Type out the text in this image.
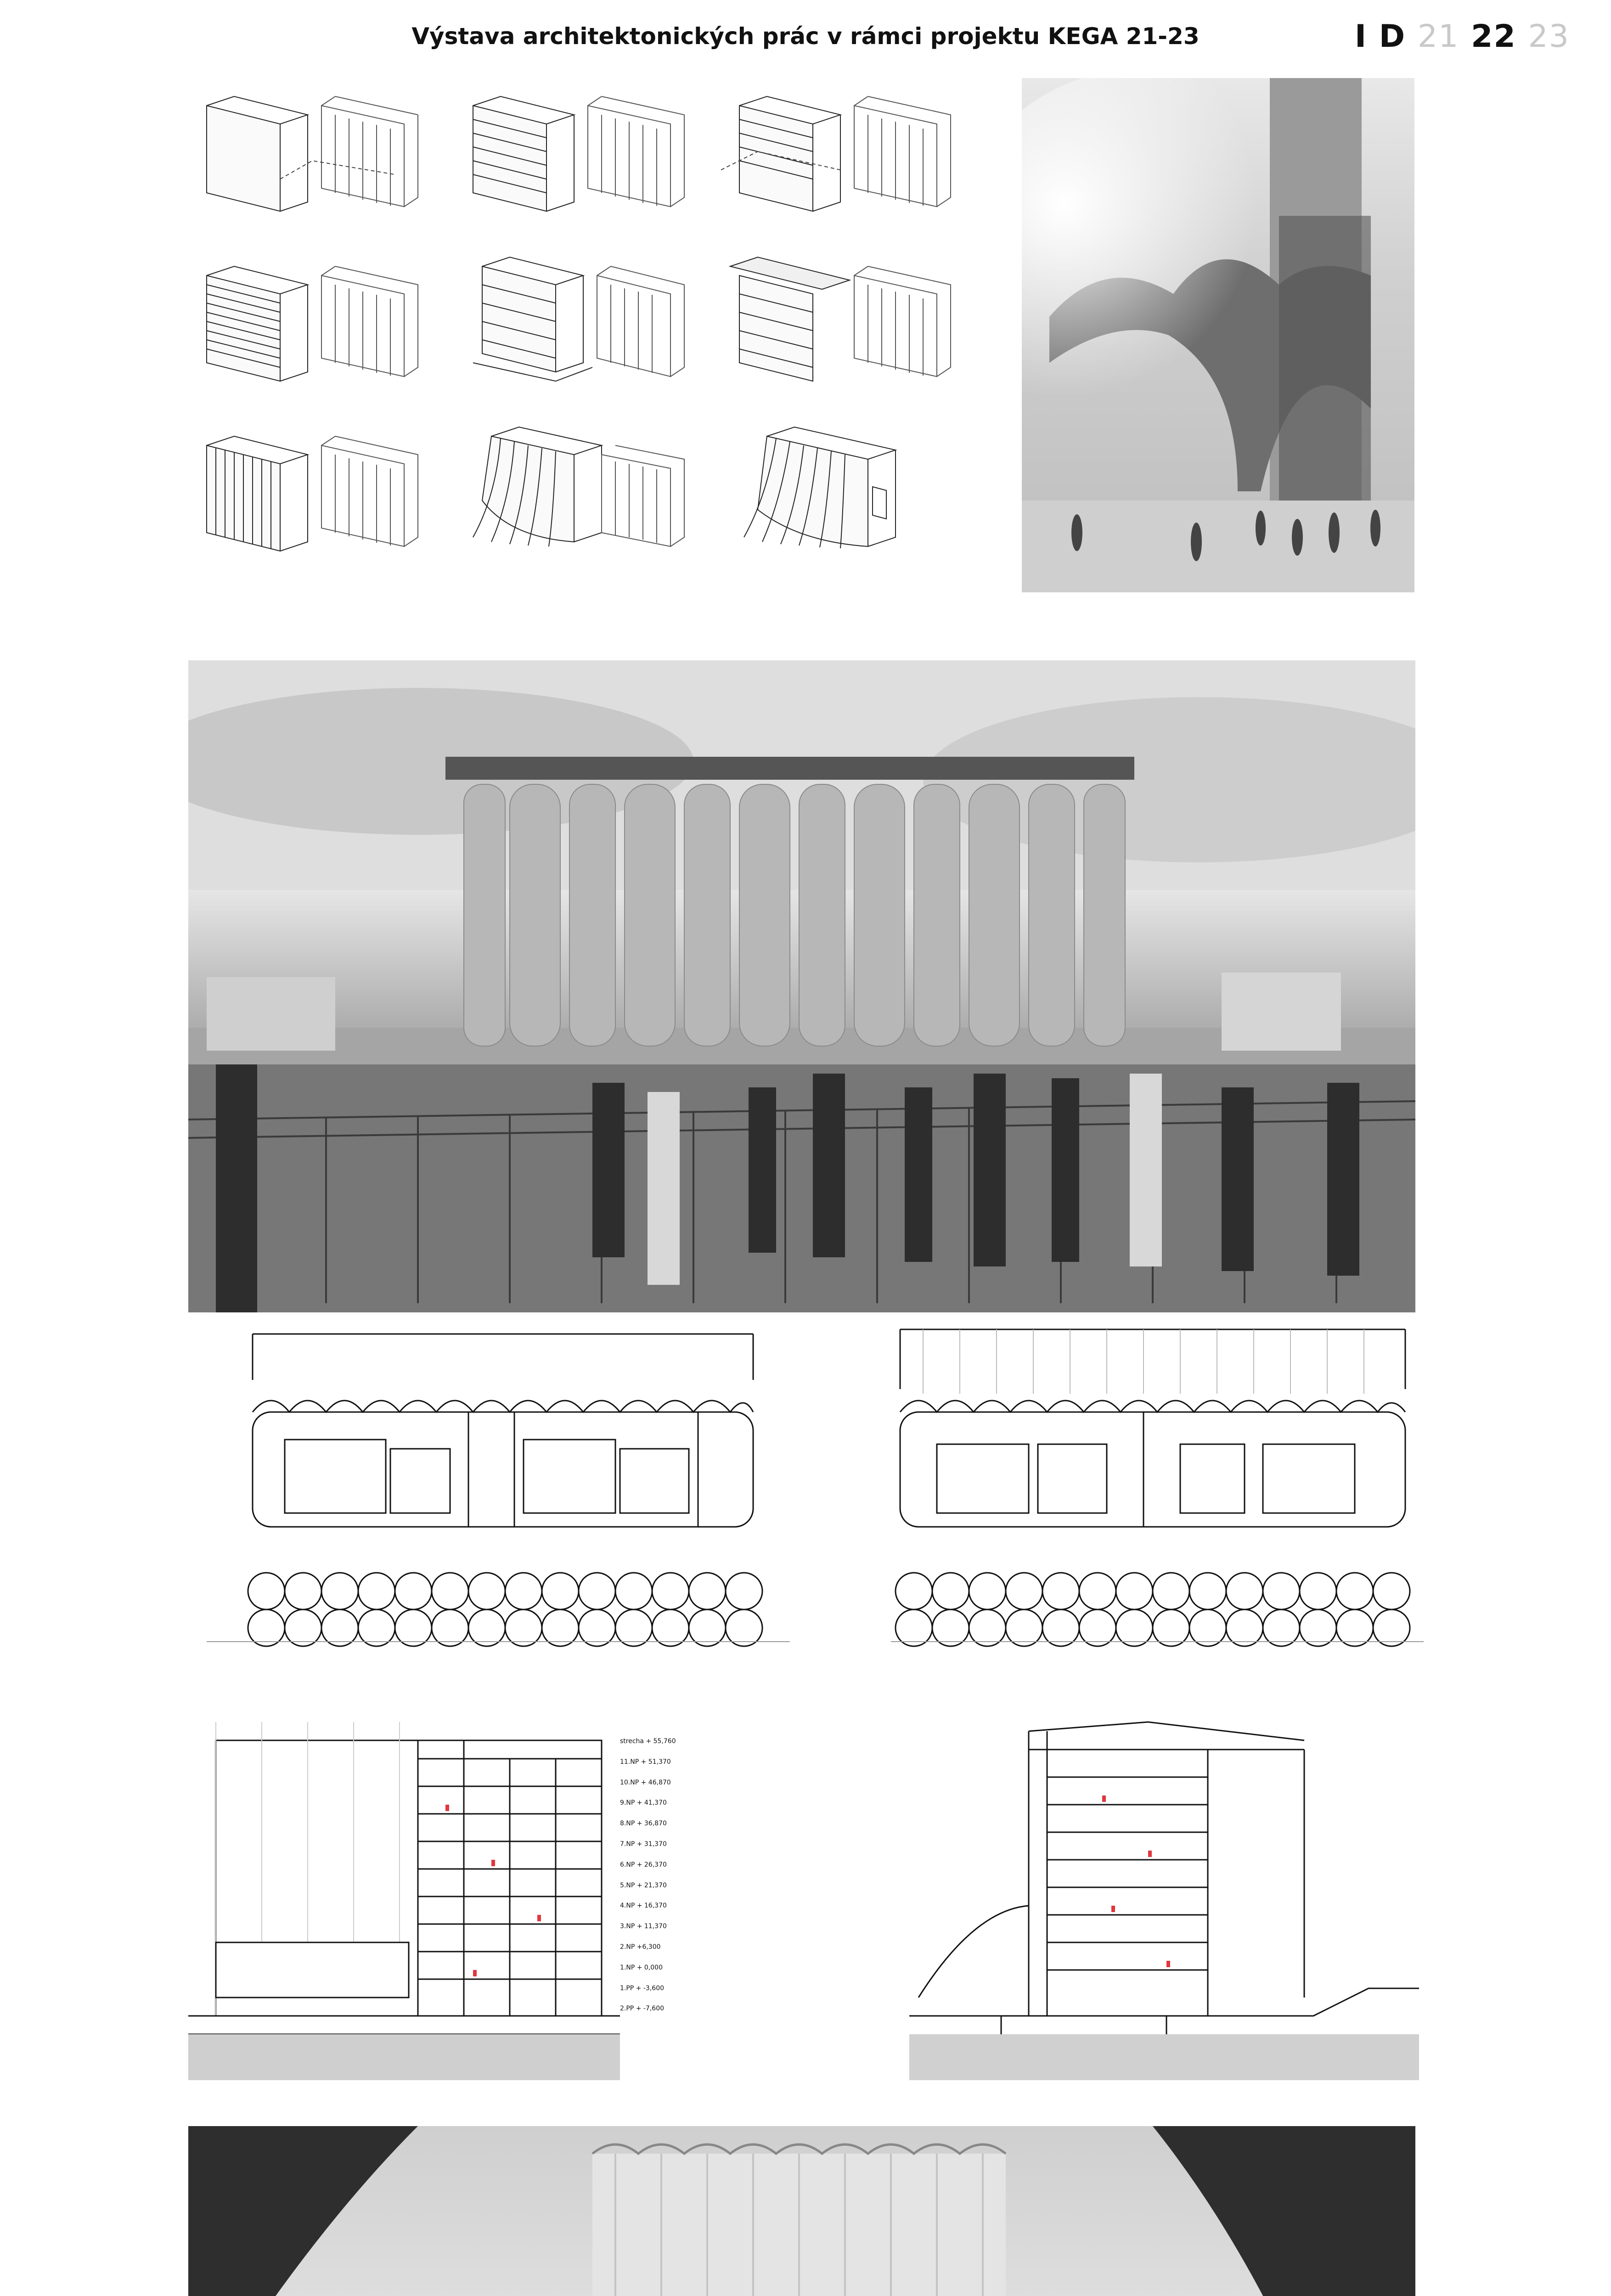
Výstava architektonických prác v rámci projektu KEGA 21-23	I D 21 22 23
strecha + 55,760
11.NP + 51,370
10.NP + 46,870
9.NP + 41,370
8.NP + 36,870
7.NP + 31,370
6.NP + 26,370
5.NP + 21,370
4.NP + 16,370
3.NP + 11,370
2.NP +6,300
1.NP + 0,000
1.PP + -3,600
2.PP + -7,600
